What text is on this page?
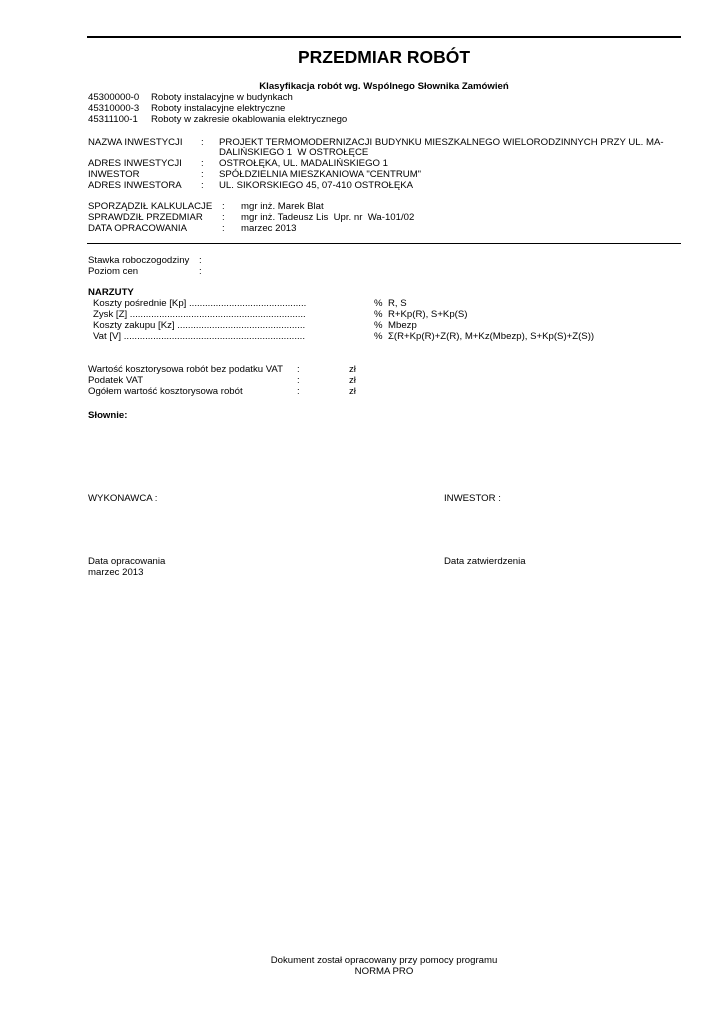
PRZEDMIAR ROBÓT
Klasyfikacja robót wg. Wspólnego Słownika Zamówień
45300000-0 Roboty instalacyjne w budynkach
45310000-3 Roboty instalacyjne elektryczne
45311100-1 Roboty w zakresie okablowania elektrycznego
NAZWA INWESTYCJI : PROJEKT TERMOMODERNIZACJI BUDYNKU MIESZKALNEGO WIELORODZINNYCH PRZY UL. MA-
DALIŃSKIEGO 1  W OSTROŁĘCE
ADRES INWESTYCJI : OSTROŁĘKA, UL. MADALIŃSKIEGO 1
INWESTOR	: SPÓŁDZIELNIA MIESZKANIOWA "CENTRUM"
ADRES INWESTORA : UL. SIKORSKIEGO 45, 07-410 OSTROŁĘKA
SPORZĄDZIŁ KALKULACJE : mgr inż. Marek Blat
SPRAWDZIŁ PRZEDMIAR : mgr inż. Tadeusz Lis  Upr. nr  Wa-101/02
DATA OPRACOWANIA	: marzec 2013
Stawka roboczogodziny :
Poziom cen	:
NARZUTY
Koszty pośrednie [Kp] ............................................	% R, S
Zysk [Z] ..................................................................	% R+Kp(R), S+Kp(S)
Koszty zakupu [Kz] ................................................	% Mbezp
Vat [V] ....................................................................	% Σ(R+Kp(R)+Z(R), M+Kz(Mbezp), S+Kp(S)+Z(S))
Wartość kosztorysowa robót bez podatku VAT :	zł
Podatek VAT	:	zł
Ogółem wartość kosztorysowa robót	:	zł
Słownie:
WYKONAWCA :	INWESTOR :
Data opracowania
marzec 2013
Data zatwierdzenia
Dokument został opracowany przy pomocy programu
NORMA PRO
